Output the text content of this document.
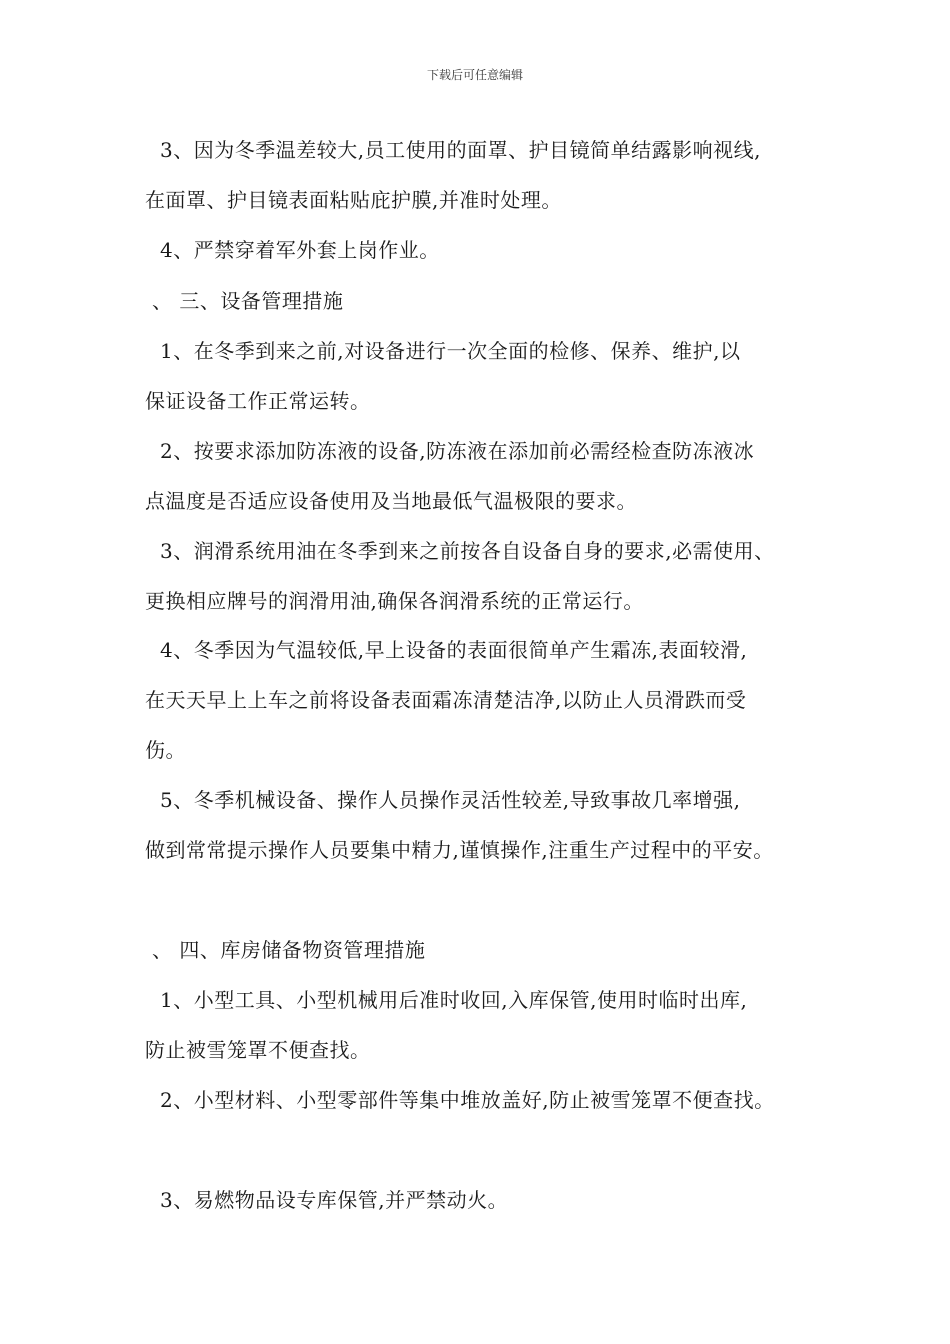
下载后可任意编辑
3、因为冬季温差较大,员工使用的面罩、护目镜简单结露影响视线,
在面罩、护目镜表面粘贴庇护膜,并准时处理。
4、严禁穿着军外套上岗作业。
、 三、设备管理措施
1、在冬季到来之前,对设备进行一次全面的检修、保养、维护,以
保证设备工作正常运转。
2、按要求添加防冻液的设备,防冻液在添加前必需经检查防冻液冰
点温度是否适应设备使用及当地最低气温极限的要求。
3、润滑系统用油在冬季到来之前按各自设备自身的要求,必需使用、
更换相应牌号的润滑用油,确保各润滑系统的正常运行。
4、冬季因为气温较低,早上设备的表面很简单产生霜冻,表面较滑,
在天天早上上车之前将设备表面霜冻清楚洁净,以防止人员滑跌而受
伤。
5、冬季机械设备、操作人员操作灵活性较差,导致事故几率增强,
做到常常提示操作人员要集中精力,谨慎操作,注重生产过程中的平安。
、 四、库房储备物资管理措施
1、小型工具、小型机械用后准时收回,入库保管,使用时临时出库,
防止被雪笼罩不便查找。
2、小型材料、小型零部件等集中堆放盖好,防止被雪笼罩不便查找。
3、易燃物品设专库保管,并严禁动火。
